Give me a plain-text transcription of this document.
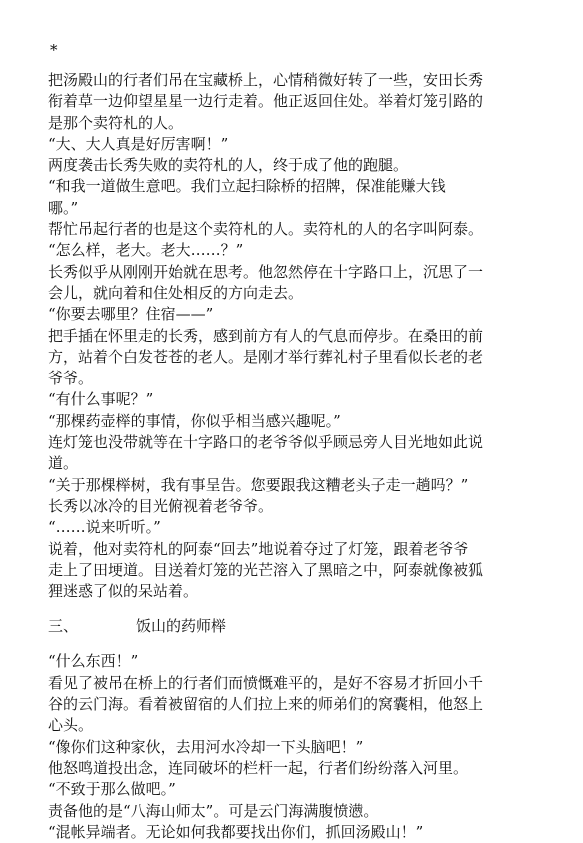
*

把汤殿山的行者们吊在宝藏桥上，心情稍微好转了一些，安田长秀

衔着草一边仰望星星一边行走着。他正返回住处。举着灯笼引路的

是那个卖符札的人。

“大、大人真是好厉害啊！”

两度袭击长秀失败的卖符札的人，终于成了他的跑腿。

“和我一道做生意吧。我们立起扫除桥的招牌，保准能赚大钱

哪。”

帮忙吊起行者的也是这个卖符札的人。卖符札的人的名字叫阿泰。

“怎么样，老大。老大……？”

长秀似乎从刚刚开始就在思考。他忽然停在十字路口上，沉思了一

会儿，就向着和住处相反的方向走去。

“你要去哪里？住宿——”

把手插在怀里走的长秀，感到前方有人的气息而停步。在桑田的前

方，站着个白发苍苍的老人。是刚才举行葬礼村子里看似长老的老

爷爷。

“有什么事呢？”

“那棵药壶榉的事情，你似乎相当感兴趣呢。”

连灯笼也没带就等在十字路口的老爷爷似乎顾忌旁人目光地如此说

道。

“关于那棵榉树，我有事呈告。您要跟我这糟老头子走一趟吗？”

长秀以冰冷的目光俯视着老爷爷。

“……说来听听。”

说着，他对卖符札的阿泰“回去”地说着夺过了灯笼，跟着老爷爷

走上了田埂道。目送着灯笼的光芒溶入了黑暗之中，阿泰就像被狐

狸迷惑了似的呆站着。

三、	饭山的药师榉

“什么东西！”

看见了被吊在桥上的行者们而愤慨难平的，是好不容易才折回小千

谷的云门海。看着被留宿的人们拉上来的师弟们的窝囊相，他怒上

心头。

“像你们这种家伙，去用河水冷却一下头脑吧！”

他怒鸣道投出念，连同破坏的栏杆一起，行者们纷纷落入河里。

“不致于那么做吧。”

责备他的是“八海山师太”。可是云门海满腹愤懑。

“混帐异端者。无论如何我都要找出你们，抓回汤殿山！”
